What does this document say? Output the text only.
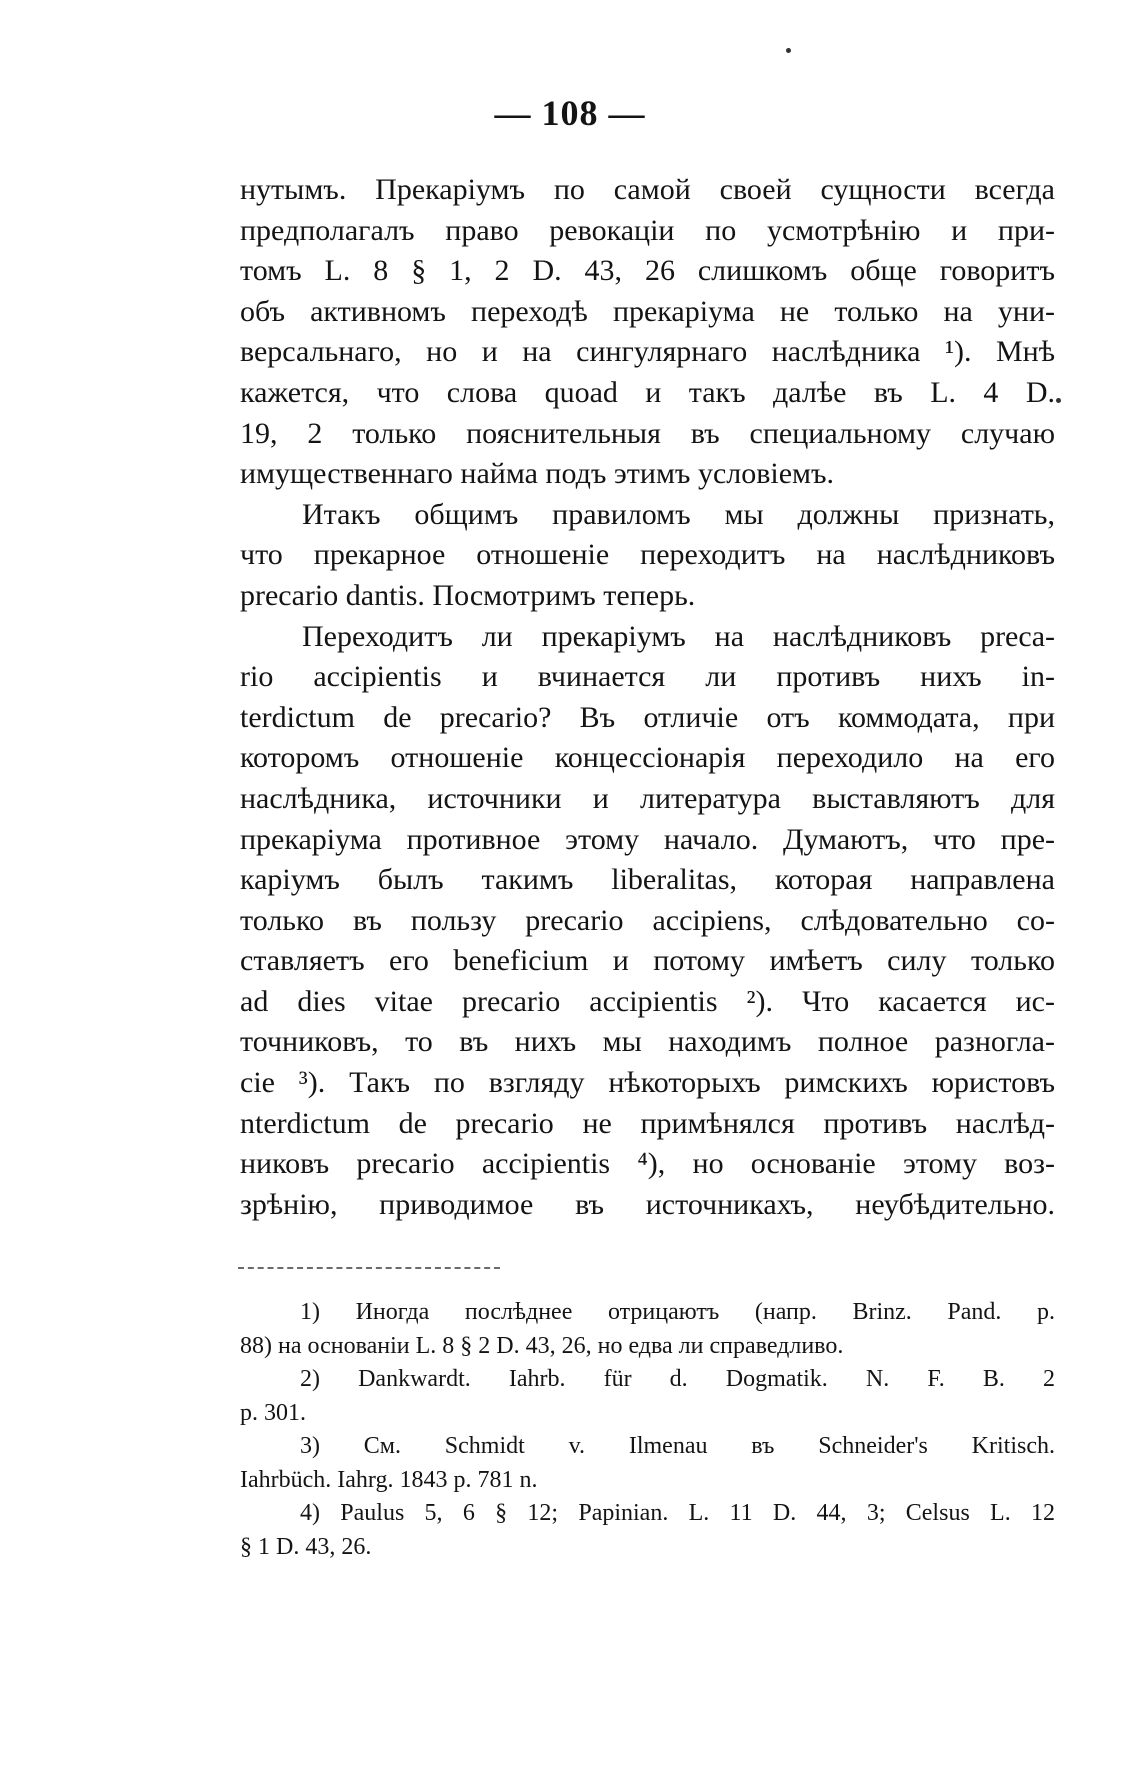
— 108 —
нутымъ. Прекаріумъ по самой своей сущности всегда
предполагалъ право ревокаціи по усмотрѣнію и при-
томъ L. 8 § 1, 2 D. 43, 26 слишкомъ обще говоритъ
объ активномъ переходѣ прекаріума не только на уни-
версальнаго, но и на сингулярнаго наслѣдника ¹). Мнѣ
кажется, что слова quoad и такъ далѣе въ L. 4 D.
19, 2 только пояснительныя въ специальному случаю
имущественнаго найма подъ этимъ условіемъ.
Итакъ общимъ правиломъ мы должны признать,
что прекарное отношеніе переходитъ на наслѣдниковъ
precario dantis. Посмотримъ теперь.
Переходитъ ли прекаріумъ на наслѣдниковъ preca-
rio accipientis и вчинается ли противъ нихъ in-
terdictum de precario? Въ отличіе отъ коммодата, при
которомъ отношеніе концессіонарія переходило на его
наслѣдника, источники и литература выставляютъ для
прекаріума противное этому начало. Думаютъ, что пре-
каріумъ былъ такимъ liberalitas, которая направлена
только въ пользу precario accipiens, слѣдовательно со-
ставляетъ его beneficium и потому имѣетъ силу только
ad dies vitae precario accipientis ²). Что касается ис-
точниковъ, то въ нихъ мы находимъ полное разногла-
сіе ³). Такъ по взгляду нѣкоторыхъ римскихъ юристовъ
nterdictum de precario не примѣнялся противъ наслѣд-
никовъ precario accipientis ⁴), но основаніе этому воз-
зрѣнію, приводимое въ источникахъ, неубѣдительно.
1) Иногда послѣднее отрицаютъ (напр. Brinz. Pand. p.
88) на основаніи L. 8 § 2 D. 43, 26, но едва ли справедливо.
2) Dankwardt. Iahrb. für d. Dogmatik. N. F. B. 2
p. 301.
3) См. Schmidt v. Ilmenau въ Schneider's Kritisch.
Iahrbüch. Iahrg. 1843 p. 781 n.
4) Paulus 5, 6 § 12; Papinian. L. 11 D. 44, 3; Celsus L. 12
§ 1 D. 43, 26.
